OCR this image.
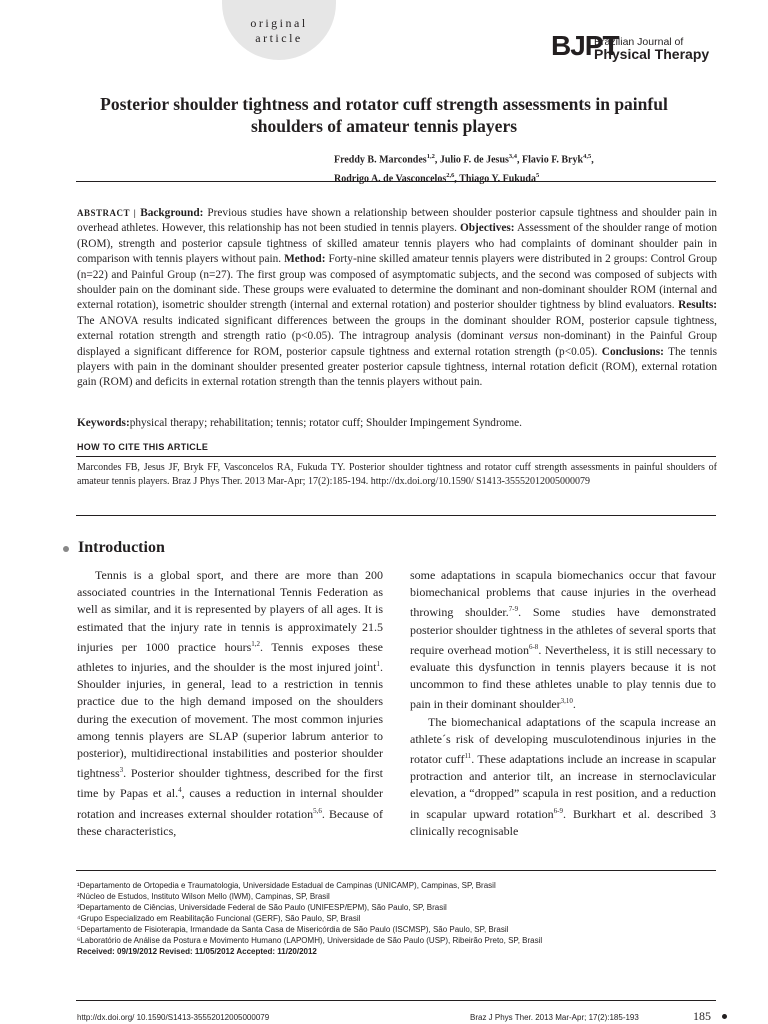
original
article	BJPT
Brazilian Journal of
Physical Therapy
Posterior shoulder tightness and rotator cuff strength assessments in painful shoulders of amateur tennis players
Freddy B. Marcondes$^{1,2}$, Julio F. de Jesus$^{3,4}$, Flavio F. Bryk$^{4,5}$,
Rodrigo A. de Vasconcelos$^{2,6}$, Thiago Y. Fukuda$^5$
ABSTRACT | Background: Previous studies have shown a relationship between shoulder posterior capsule tightness and shoulder pain in overhead athletes. However, this relationship has not been studied in tennis players. Objectives: Assessment of the shoulder range of motion (ROM), strength and posterior capsule tightness of skilled amateur tennis players who had complaints of dominant shoulder pain in comparison with tennis players without pain. Method: Forty-nine skilled amateur tennis players were distributed in 2 groups: Control Group (n=22) and Painful Group (n=27). The first group was composed of asymptomatic subjects, and the second was composed of subjects with shoulder pain on the dominant side. These groups were evaluated to determine the dominant and non-dominant shoulder ROM (internal and external rotation), isometric shoulder strength (internal and external rotation) and posterior shoulder tightness by blind evaluators. Results: The ANOVA results indicated significant differences between the groups in the dominant shoulder ROM, posterior capsule tightness, external rotation strength and strength ratio (p<0.05). The intragroup analysis (dominant versus non-dominant) in the Painful Group displayed a significant difference for ROM, posterior capsule tightness and external rotation strength (p<0.05). Conclusions: The tennis players with pain in the dominant shoulder presented greater posterior capsule tightness, internal rotation deficit (ROM), external rotation gain (ROM) and deficits in external rotation strength than the tennis players without pain.
Keywords:physical therapy; rehabilitation; tennis; rotator cuff; Shoulder Impingement Syndrome.
HOW TO CITE THIS ARTICLE
Marcondes FB, Jesus JF, Bryk FF, Vasconcelos RA, Fukuda TY. Posterior shoulder tightness and rotator cuff strength assessments in painful shoulders of amateur tennis players. Braz J Phys Ther. 2013 Mar-Apr; 17(2):185-194. http://dx.doi.org/10.1590/ S1413-35552012005000079
Introduction

Tennis is a global sport, and there are more than 200 associated countries in the International Tennis Federation as well as similar, and it is represented by players of all ages. It is estimated that the injury rate in tennis is approximately 21.5 injuries per 1000 practice hours$^{1,2}$. Tennis exposes these athletes to injuries, and the shoulder is the most injured joint$^1$. Shoulder injuries, in general, lead to a restriction in tennis practice due to the high demand imposed on the shoulders during the execution of movement. The most common injuries among tennis players are SLAP (superior labrum anterior to posterior), multidirectional instabilities and posterior shoulder tightness$^3$. Posterior shoulder tightness, described for the first time by Papas et al.$^4$, causes a reduction in internal shoulder rotation and increases external shoulder rotation$^{5,6}$. Because of these characteristics,

some adaptations in scapula biomechanics occur that favour biomechanical problems that cause injuries in the overhead throwing shoulder.$^{7-9}$. Some studies have demonstrated posterior shoulder tightness in the athletes of several sports that require overhead motion$^{6-8}$. Nevertheless, it is still necessary to evaluate this dysfunction in tennis players because it is not uncommon to find these athletes unable to play tennis due to pain in their dominant shoulder$^{3,10}$.

The biomechanical adaptations of the scapula increase an athlete´s risk of developing musculotendinous injuries in the rotator cuff$^{11}$. These adaptations include an increase in scapular protraction and anterior tilt, an increase in sternoclavicular elevation, a “dropped” scapula in rest position, and a reduction in scapular upward rotation$^{6-9}$. Burkhart et al. described 3 clinically recognisable

¹Departamento de Ortopedia e Traumatologia, Universidade Estadual de Campinas (UNICAMP), Campinas, SP, Brasil
²Núcleo de Estudos, Instituto Wilson Mello (IWM), Campinas, SP, Brasil
³Departamento de Ciências, Universidade Federal de São Paulo (UNIFESP/EPM), São Paulo, SP, Brasil
⁴Grupo Especializado em Reabilitação Funcional (GERF), São Paulo, SP, Brasil
⁵Departamento de Fisioterapia, Irmandade da Santa Casa de Misericórdia de São Paulo (ISCMSP), São Paulo, SP, Brasil
⁶Laboratório de Análise da Postura e Movimento Humano (LAPOMH), Universidade de São Paulo (USP), Ribeirão Preto, SP, Brasil
Received: 09/19/2012 Revised: 11/05/2012 Accepted: 11/20/2012
http://dx.doi.org/ 10.1590/S1413-35552012005000079	Braz J Phys Ther. 2013 Mar-Apr; 17(2):185-193	185
